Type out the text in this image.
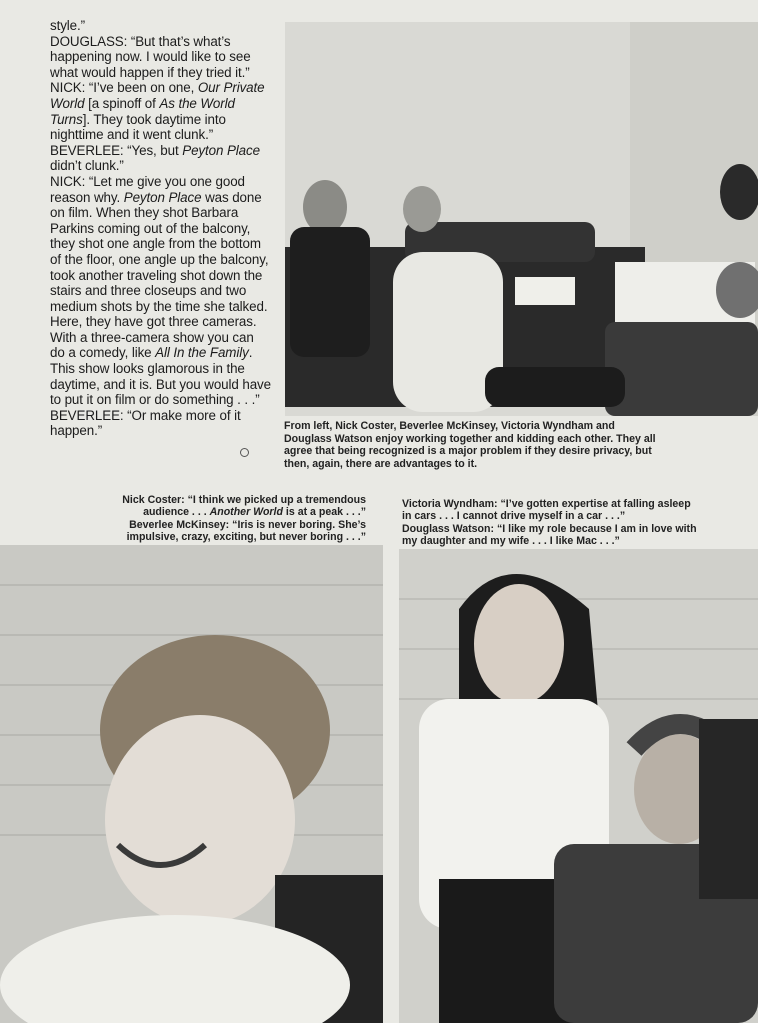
style.”

DOUGLASS: “But that’s what’s happening now. I would like to see what would happen if they tried it.”

NICK: “I’ve been on one, Our Private World [a spinoff of As the World Turns]. They took daytime into nighttime and it went clunk.”

BEVERLEE: “Yes, but Peyton Place didn’t clunk.”

NICK: “Let me give you one good reason why. Peyton Place was done on film. When they shot Barbara Parkins coming out of the balcony, they shot one angle from the bottom of the floor, one angle up the balcony, took another traveling shot down the stairs and three closeups and two medium shots by the time she talked. Here, they have got three cameras. With a three-camera show you can do a comedy, like All In the Family. This show looks glamorous in the daytime, and it is. But you would have to put it on film or do something . . .”

BEVERLEE: “Or make more of it happen.”	From left, Nick Coster, Beverlee McKinsey, Victoria Wyndham and Douglass Watson enjoy working together and kidding each other. They all agree that being recognized is a major problem if they desire privacy, but then, again, there are advantages to it.
Nick Coster: “I think we picked up a tremendous audience . . . Another World is at a peak . . .”
Beverlee McKinsey: “Iris is never boring. She’s impulsive, crazy, exciting, but never boring . . .”
Victoria Wyndham: “I’ve gotten expertise at falling asleep in cars . . . I cannot drive myself in a car . . .”
Douglass Watson: “I like my role because I am in love with my daughter and my wife . . . I like Mac . . .”
